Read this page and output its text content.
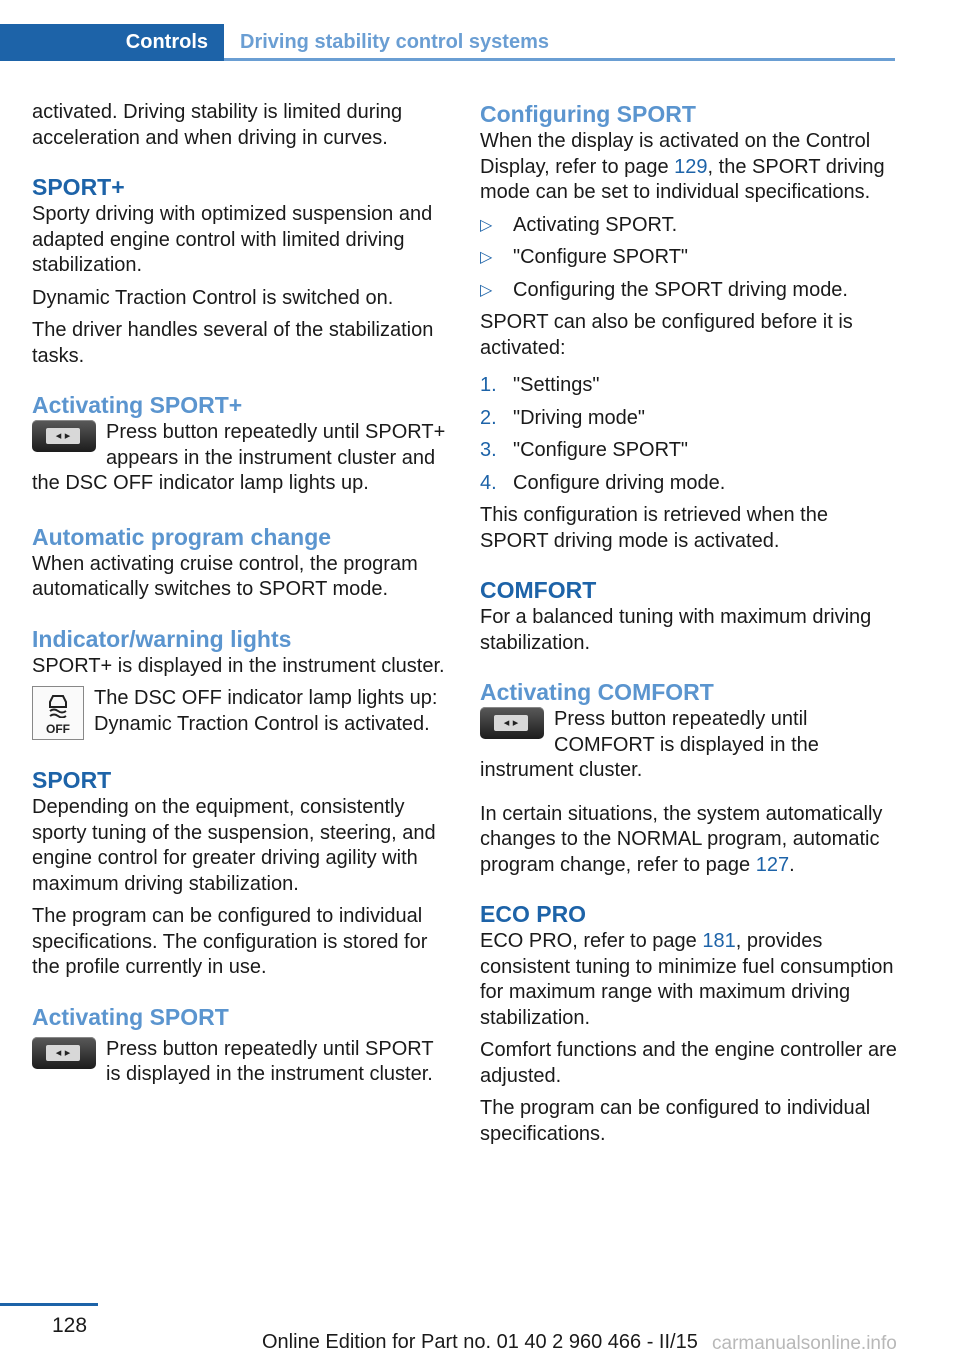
Controls	Driving stability control systems

activated. Driving stability is limited during acceleration and when driving in curves.

SPORT+

Sporty driving with optimized suspension and adapted engine control with limited driving stabilization.

Dynamic Traction Control is switched on.

The driver handles several of the stabilization tasks.

Activating SPORT+
◂ ▸	Press button repeatedly until SPORT+ appears in the instrument cluster and the DSC OFF indicator lamp lights up.
Automatic program change

When activating cruise control, the program automatically switches to SPORT mode.

Indicator/warning lights

SPORT+ is displayed in the instrument cluster.

OFF
The DSC OFF indicator lamp lights up: Dynamic Traction Control is activated.
SPORT

Depending on the equipment, consistently sporty tuning of the suspension, steering, and engine control for greater driving agility with maximum driving stabilization.

The program can be configured to individual specifications. The configuration is stored for the profile currently in use.

Activating SPORT
◂ ▸	Press button repeatedly until SPORT is displayed in the instrument cluster.
Configuring SPORT

When the display is activated on the Control Display, refer to page 129, the SPORT driving mode can be set to individual specifications.

▷ Activating SPORT.
▷ "Configure SPORT"
▷ Configuring the SPORT driving mode.

SPORT can also be configured before it is activated:

1. "Settings"
2. "Driving mode"
3. "Configure SPORT"
4. Configure driving mode.

This configuration is retrieved when the SPORT driving mode is activated.

COMFORT

For a balanced tuning with maximum driving stabilization.

Activating COMFORT
◂ ▸	Press button repeatedly until COMFORT is displayed in the instrument cluster.

In certain situations, the system automatically changes to the NORMAL program, automatic program change, refer to page 127.

ECO PRO

ECO PRO, refer to page 181, provides consistent tuning to minimize fuel consumption for maximum range with maximum driving stabilization.

Comfort functions and the engine controller are adjusted.

The program can be configured to individual specifications.

128
Online Edition for Part no. 01 40 2 960 466 - II/15 carmanualsonline.info
